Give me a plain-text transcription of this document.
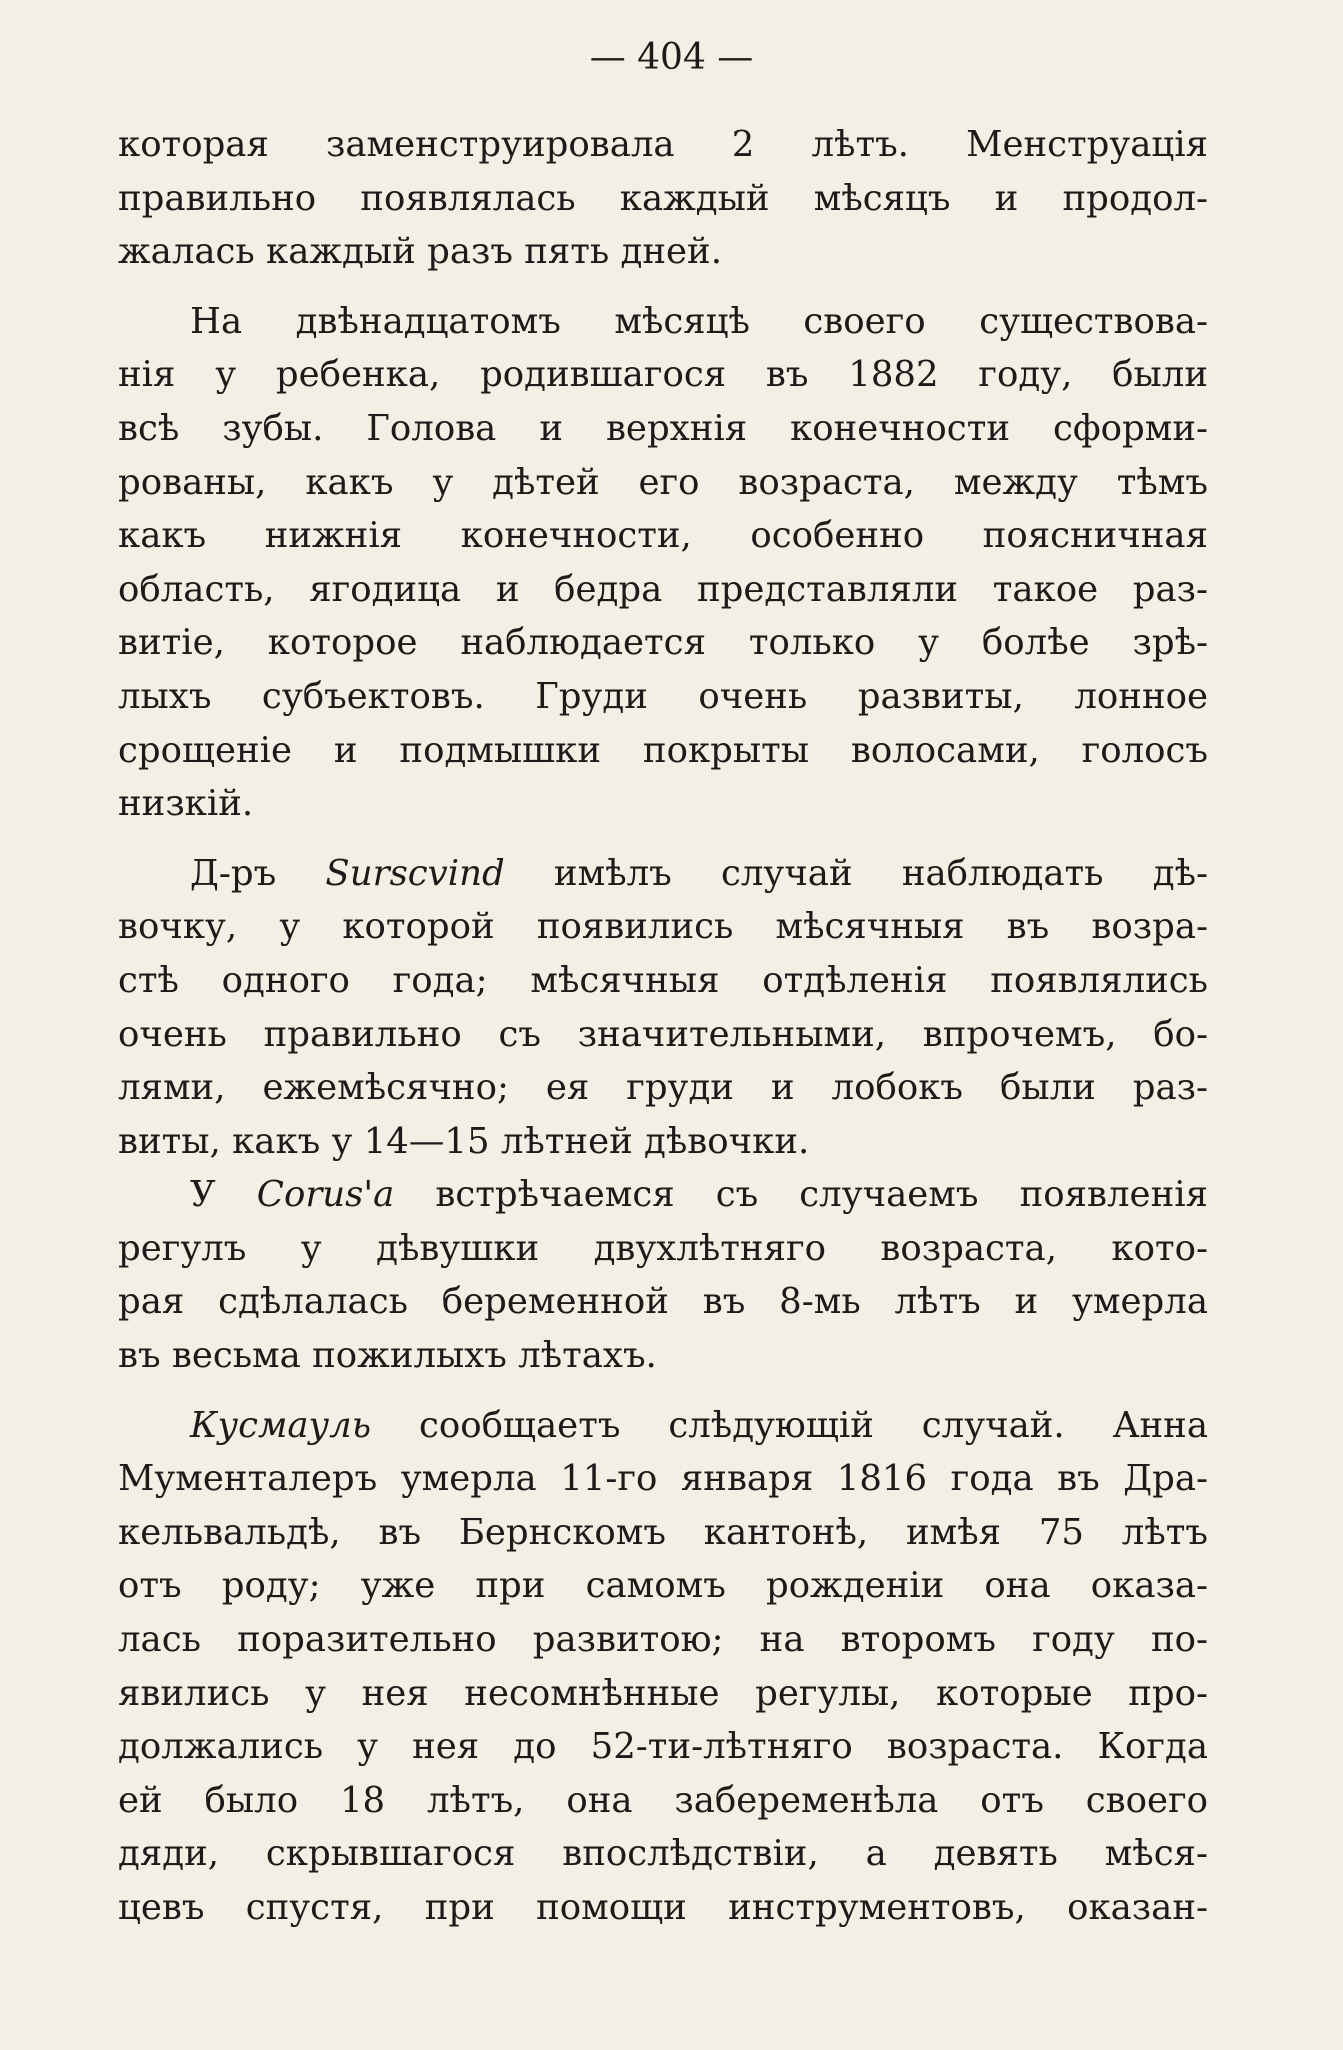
— 404 —
которая заменструировала 2 лѣтъ. Менструація
правильно появлялась каждый мѣсяцъ и продол-
жалась каждый разъ пять дней.
На двѣнадцатомъ мѣсяцѣ своего существова-
нія у ребенка, родившагося въ 1882 году, были
всѣ зубы. Голова и верхнія конечности сформи-
рованы, какъ у дѣтей его возраста, между тѣмъ
какъ нижнія конечности, особенно поясничная
область, ягодица и бедра представляли такое раз-
витіе, которое наблюдается только у болѣе зрѣ-
лыхъ субъектовъ. Груди очень развиты, лонное
срощеніе и подмышки покрыты волосами, голосъ
низкій.
Д-ръ Sursсvind имѣлъ случай наблюдать дѣ-
вочку, у которой появились мѣсячныя въ возра-
стѣ одного года; мѣсячныя отдѣленія появлялись
очень правильно съ значительными, впрочемъ, бо-
лями, ежемѣсячно; ея груди и лобокъ были раз-
виты, какъ у 14—15 лѣтней дѣвочки.
У Corus'a встрѣчаемся съ случаемъ появленія
регулъ у дѣвушки двухлѣтняго возраста, кото-
рая сдѣлалась беременной въ 8-мь лѣтъ и умерла
въ весьма пожилыхъ лѣтахъ.
Кусмауль сообщаетъ слѣдующій случай. Анна
Мументалеръ умерла 11-го января 1816 года въ Дра-
кельвальдѣ, въ Бернскомъ кантонѣ, имѣя 75 лѣтъ
отъ роду; уже при самомъ рожденіи она оказа-
лась поразительно развитою; на второмъ году по-
явились у нея несомнѣнные регулы, которые про-
должались у нея до 52-ти-лѣтняго возраста. Когда
ей было 18 лѣтъ, она забеременѣла отъ своего
дяди, скрывшагося впослѣдствіи, а девять мѣся-
цевъ спустя, при помощи инструментовъ, оказан-
